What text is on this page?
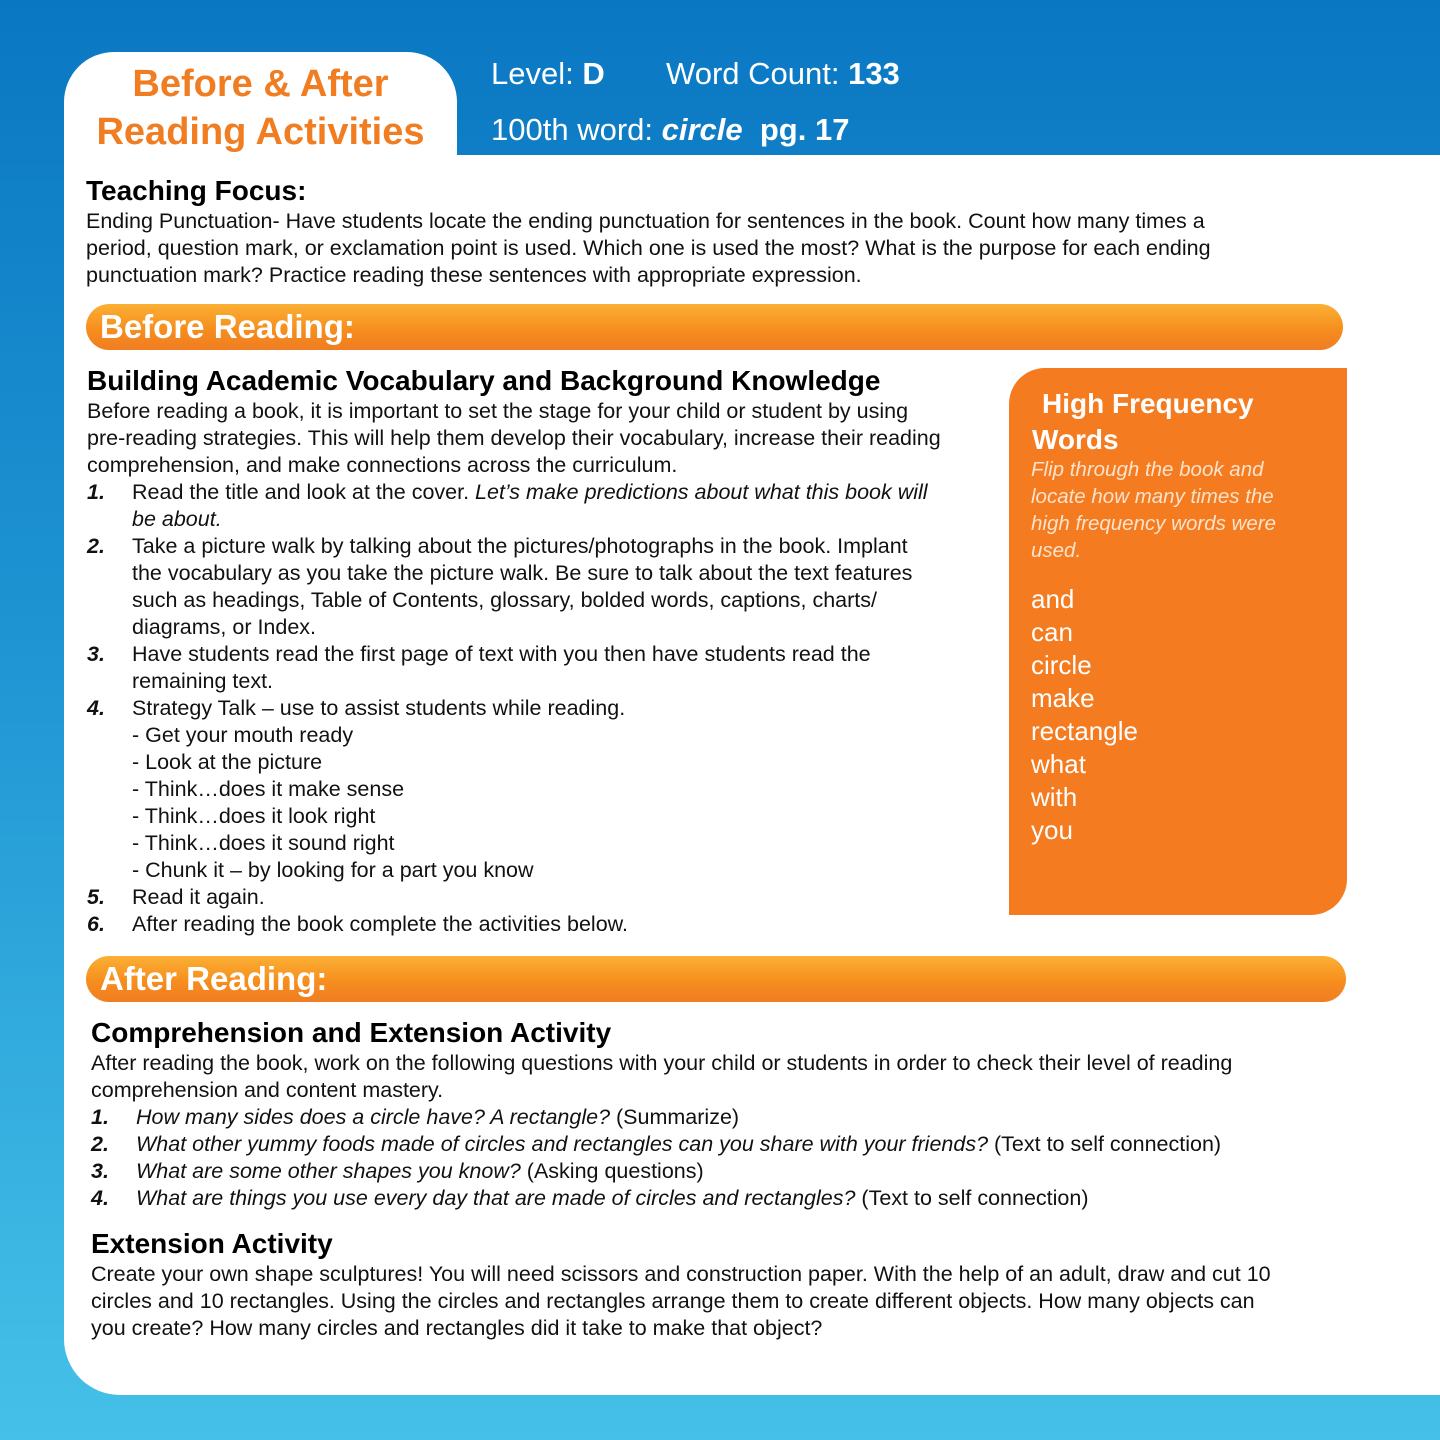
Before & After
Reading Activities
Level: D Word Count: 133
100th word: circle pg. 17
Teaching Focus:
Ending Punctuation- Have students locate the ending punctuation for sentences in the book. Count how many times a
period, question mark, or exclamation point is used. Which one is used the most? What is the purpose for each ending
punctuation mark? Practice reading these sentences with appropriate expression.
Before Reading:
Building Academic Vocabulary and Background Knowledge
Before reading a book, it is important to set the stage for your child or student by using
pre-reading strategies. This will help them develop their vocabulary, increase their reading
comprehension, and make connections across the curriculum.
1. Read the title and look at the cover. Let’s make predictions about what this book will
be about.
2. Take a picture walk by talking about the pictures/photographs in the book. Implant
the vocabulary as you take the picture walk. Be sure to talk about the text features
such as headings, Table of Contents, glossary, bolded words, captions, charts/
diagrams, or Index.
3. Have students read the first page of text with you then have students read the
remaining text.
4. Strategy Talk – use to assist students while reading.
- Get your mouth ready
- Look at the picture
- Think…does it make sense
- Think…does it look right
- Think…does it sound right
- Chunk it – by looking for a part you know
5. Read it again.
6. After reading the book complete the activities below.
High Frequency
Words
Flip through the book and
locate how many times the
high frequency words were
used.
and
can
circle
make
rectangle
what
with
you
After Reading:
Comprehension and Extension Activity
After reading the book, work on the following questions with your child or students in order to check their level of reading
comprehension and content mastery.
1. How many sides does a circle have? A rectangle? (Summarize)
2. What other yummy foods made of circles and rectangles can you share with your friends? (Text to self connection)
3. What are some other shapes you know? (Asking questions)
4. What are things you use every day that are made of circles and rectangles? (Text to self connection)
Extension Activity
Create your own shape sculptures! You will need scissors and construction paper. With the help of an adult, draw and cut 10
circles and 10 rectangles. Using the circles and rectangles arrange them to create different objects. How many objects can
you create? How many circles and rectangles did it take to make that object?
